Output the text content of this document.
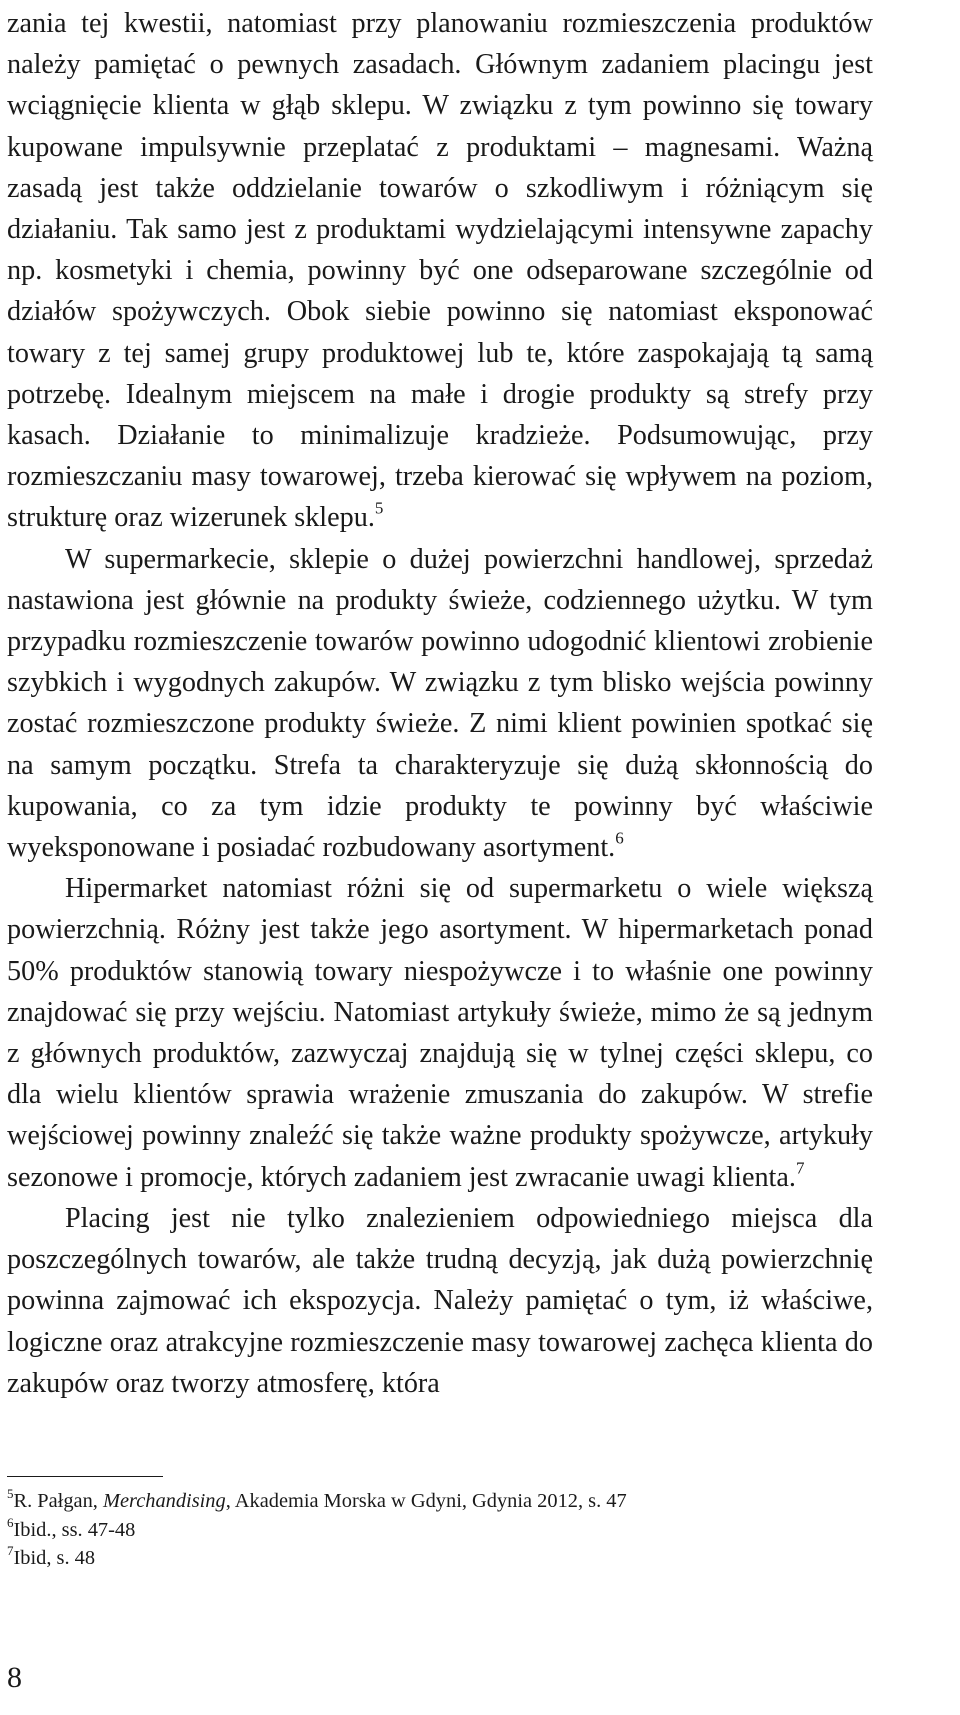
zania tej kwestii, natomiast przy planowaniu rozmieszczenia produktów należy pamiętać o pewnych zasadach. Głównym zadaniem placingu jest wciągnięcie klienta w głąb sklepu. W związku z tym powinno się towary kupowane impulsywnie przeplatać z produktami – magnesami. Ważną zasadą jest także oddzielanie towarów o szkodliwym i różniącym się działaniu. Tak samo jest z produktami wydzielającymi intensywne zapachy np. kosmetyki i chemia, powinny być one odseparowane szczególnie od działów spożywczych. Obok siebie powinno się natomiast eksponować towary z tej samej grupy produktowej lub te, które zaspokajają tą samą potrzebę. Idealnym miejscem na małe i drogie produkty są strefy przy kasach. Działanie to minimalizuje kradzieże. Podsumowując, przy rozmieszczaniu masy towarowej, trzeba kierować się wpływem na poziom, strukturę oraz wizerunek sklepu.$^5$

W supermarkecie, sklepie o dużej powierzchni handlowej, sprzedaż nastawiona jest głównie na produkty świeże, codziennego użytku. W tym przypadku rozmieszczenie towarów powinno udogodnić klientowi zrobienie szybkich i wygodnych zakupów. W związku z tym blisko wejścia powinny zostać rozmieszczone produkty świeże. Z nimi klient powinien spotkać się na samym początku. Strefa ta charakteryzuje się dużą skłonnością do kupowania, co za tym idzie produkty te powinny być właściwie wyeksponowane i posiadać rozbudowany asortyment.$^6$

Hipermarket natomiast różni się od supermarketu o wiele większą powierzchnią. Różny jest także jego asortyment. W hipermarketach ponad 50% produktów stanowią towary niespożywcze i to właśnie one powinny znajdować się przy wejściu. Natomiast artykuły świeże, mimo że są jednym z głównych produktów, zazwyczaj znajdują się w tylnej części sklepu, co dla wielu klientów sprawia wrażenie zmuszania do zakupów. W strefie wejściowej powinny znaleźć się także ważne produkty spożywcze, artykuły sezonowe i promocje, których zadaniem jest zwracanie uwagi klienta.$^7$

Placing jest nie tylko znalezieniem odpowiedniego miejsca dla poszczególnych towarów, ale także trudną decyzją, jak dużą powierzchnię powinna zajmować ich ekspozycja. Należy pamiętać o tym, iż właściwe, logiczne oraz atrakcyjne rozmieszczenie masy towarowej zachęca klienta do zakupów oraz tworzy atmosferę, która

$^5$R. Pałgan, Merchandising, Akademia Morska w Gdyni, Gdynia 2012, s. 47

$^6$Ibid., ss. 47-48

$^7$Ibid, s. 48

8
